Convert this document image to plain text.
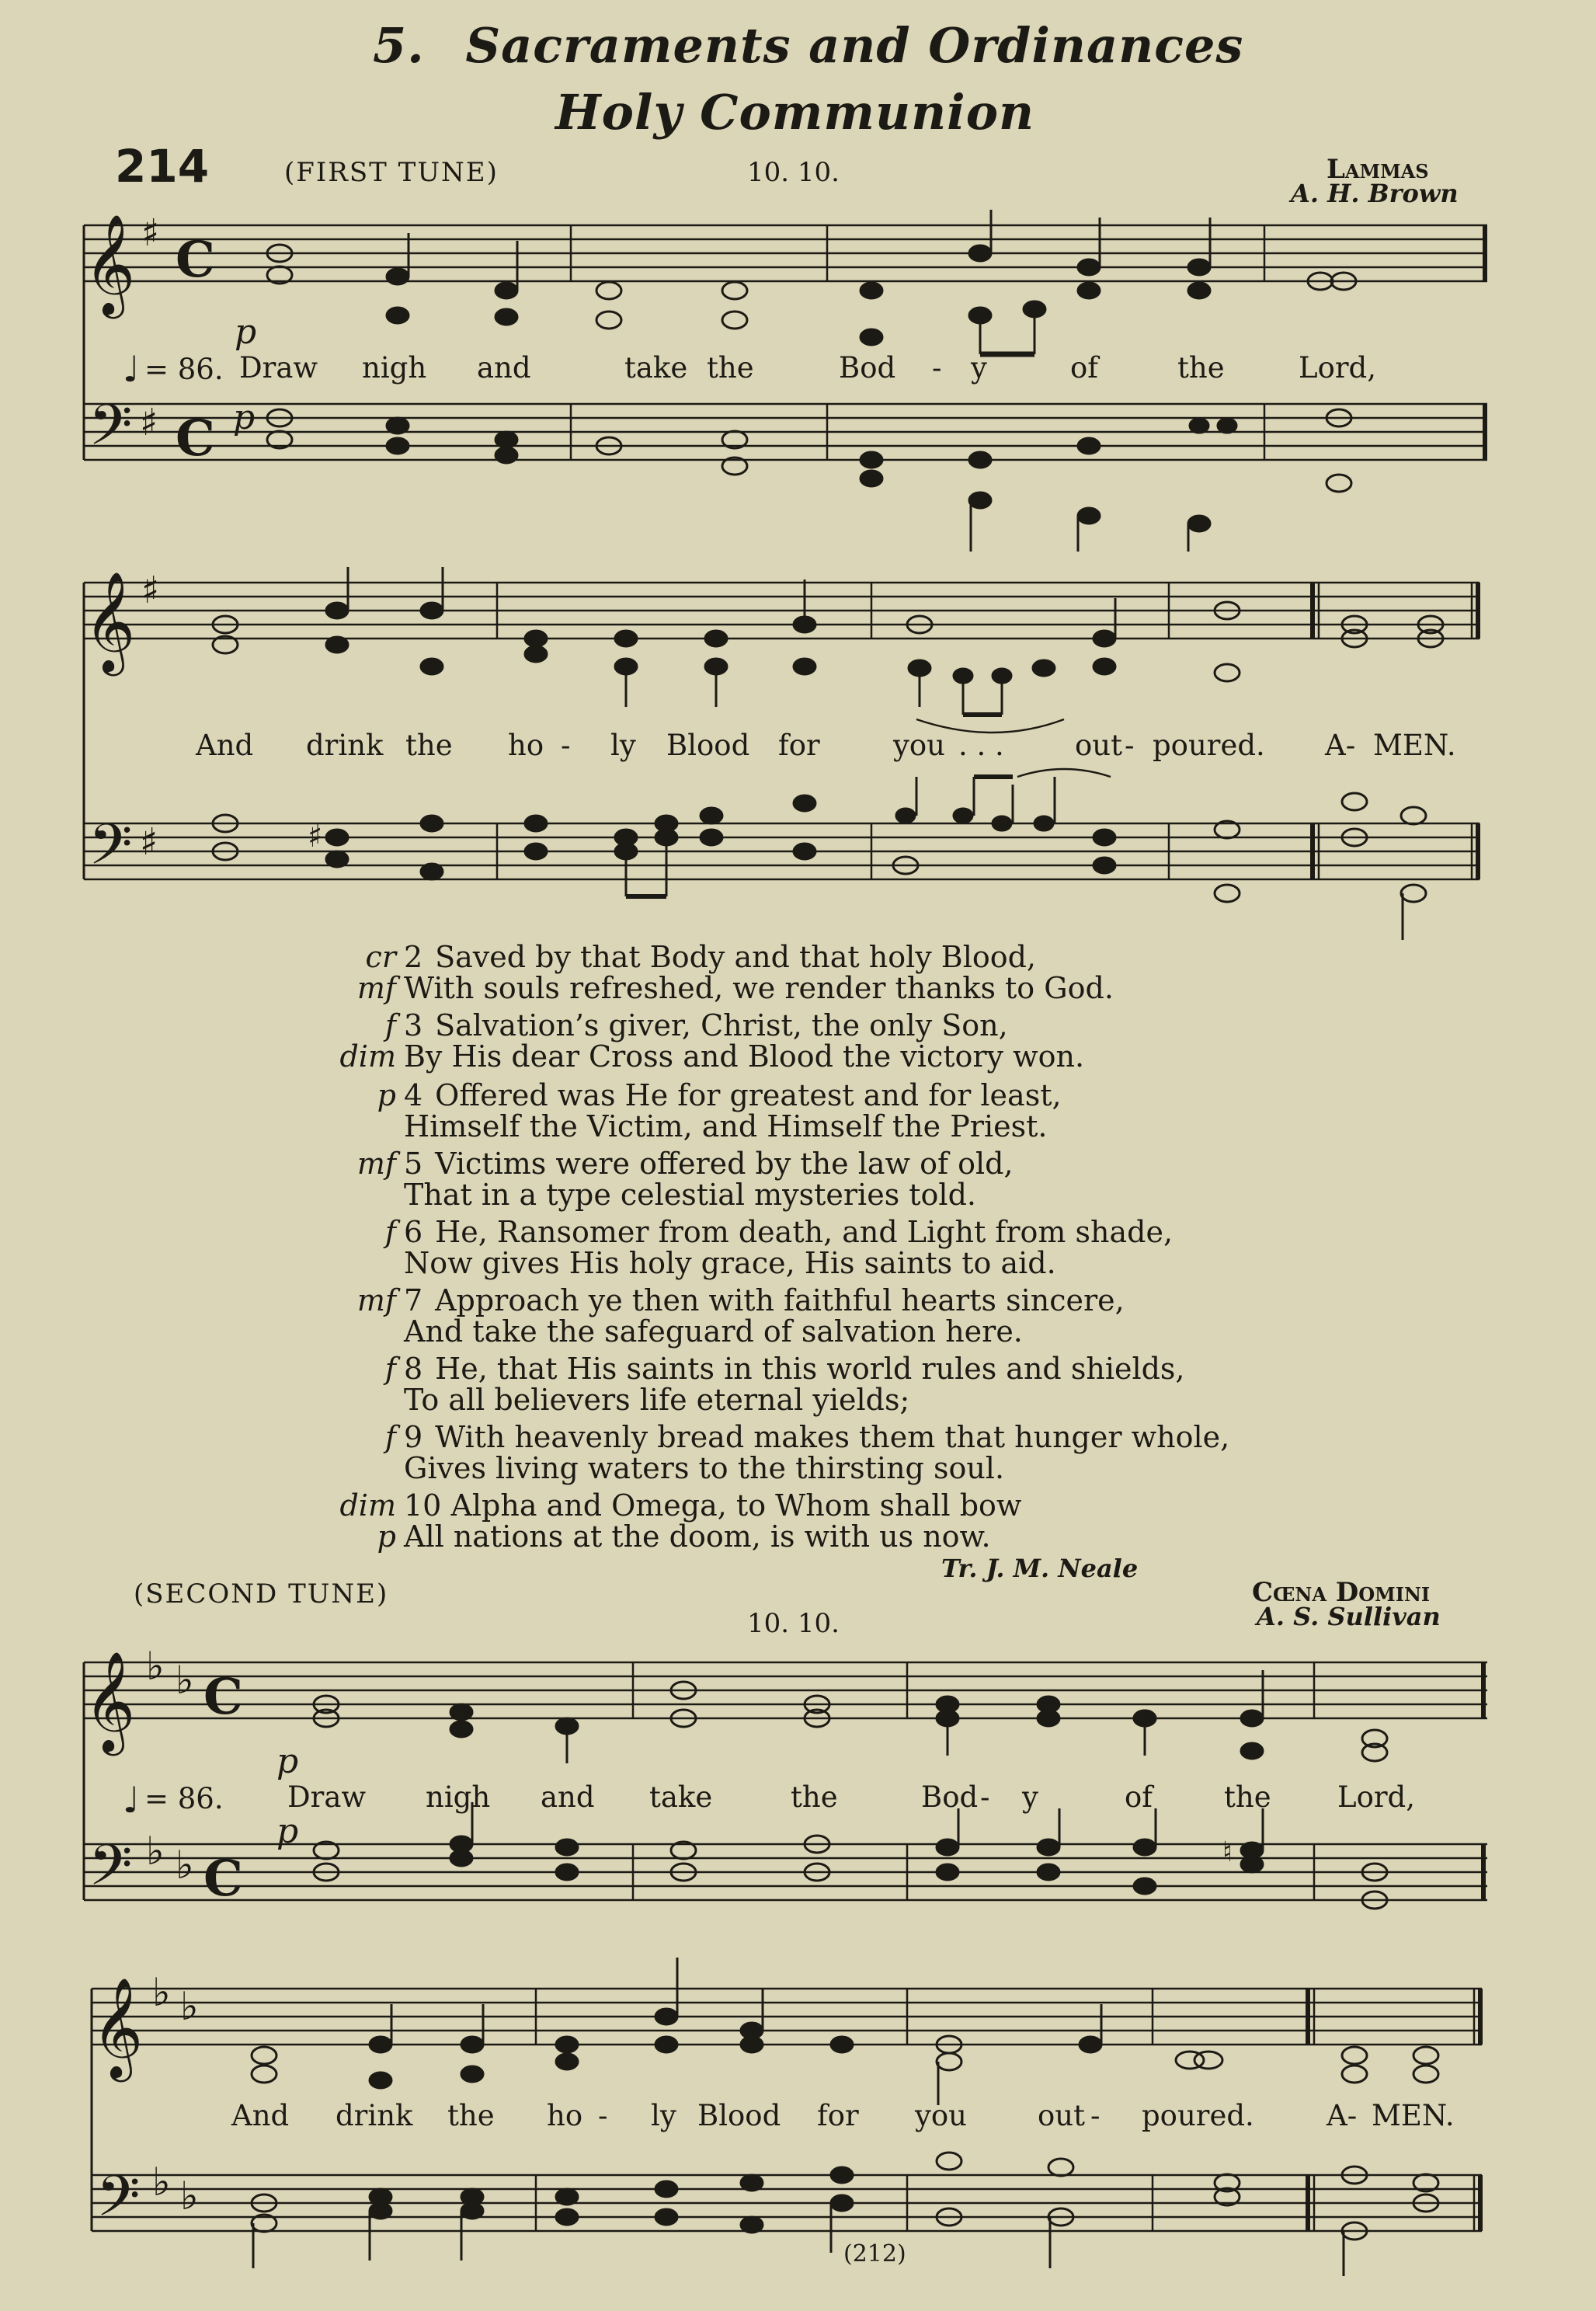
5. Sacraments and Ordinances
Holy Communion
214	(FIRST TUNE)	10. 10.	Lammas
A. H. Brown
𝄞
𝄢
♯
♯
C
C
p
p
♩ = 86. Draw nigh and	take the	Bod - y	of	the	Lord,
𝄞
𝄢
♯
♯	♯
And drink the ho - ly Blood for	you . . . out - poured. A- MEN.
cr 2 Saved by that Body and that holy Blood,
mf With souls refreshed, we render thanks to God.
f 3 Salvation’s giver, Christ, the only Son,
dim By His dear Cross and Blood the victory won.
p 4 Offered was He for greatest and for least,
Himself the Victim, and Himself the Priest.
mf 5 Victims were offered by the law of old,
That in a type celestial mysteries told.
f 6 He, Ransomer from death, and Light from shade,
Now gives His holy grace, His saints to aid.
mf 7 Approach ye then with faithful hearts sincere,
And take the safeguard of salvation here.
f 8 He, that His saints in this world rules and shields,
To all believers life eternal yields;
f 9 With heavenly bread makes them that hunger whole,
Gives living waters to the thirsting soul.
dim 10 Alpha and Omega, to Whom shall bow
p All nations at the doom, is with us now.
Tr. J. M. Neale
(SECOND TUNE)
10. 10.
Cœna Domini
A. S. Sullivan
𝄞
𝄢
♭ ♭
♭ ♭
C
C
p
p
♮
♩ = 86. Draw nigh and take	the	Bod - y	of the Lord,
𝄞
𝄢
♭ ♭
♭ ♭
And drink the ho - ly Blood for you out - poured.	A- MEN.
(212)
